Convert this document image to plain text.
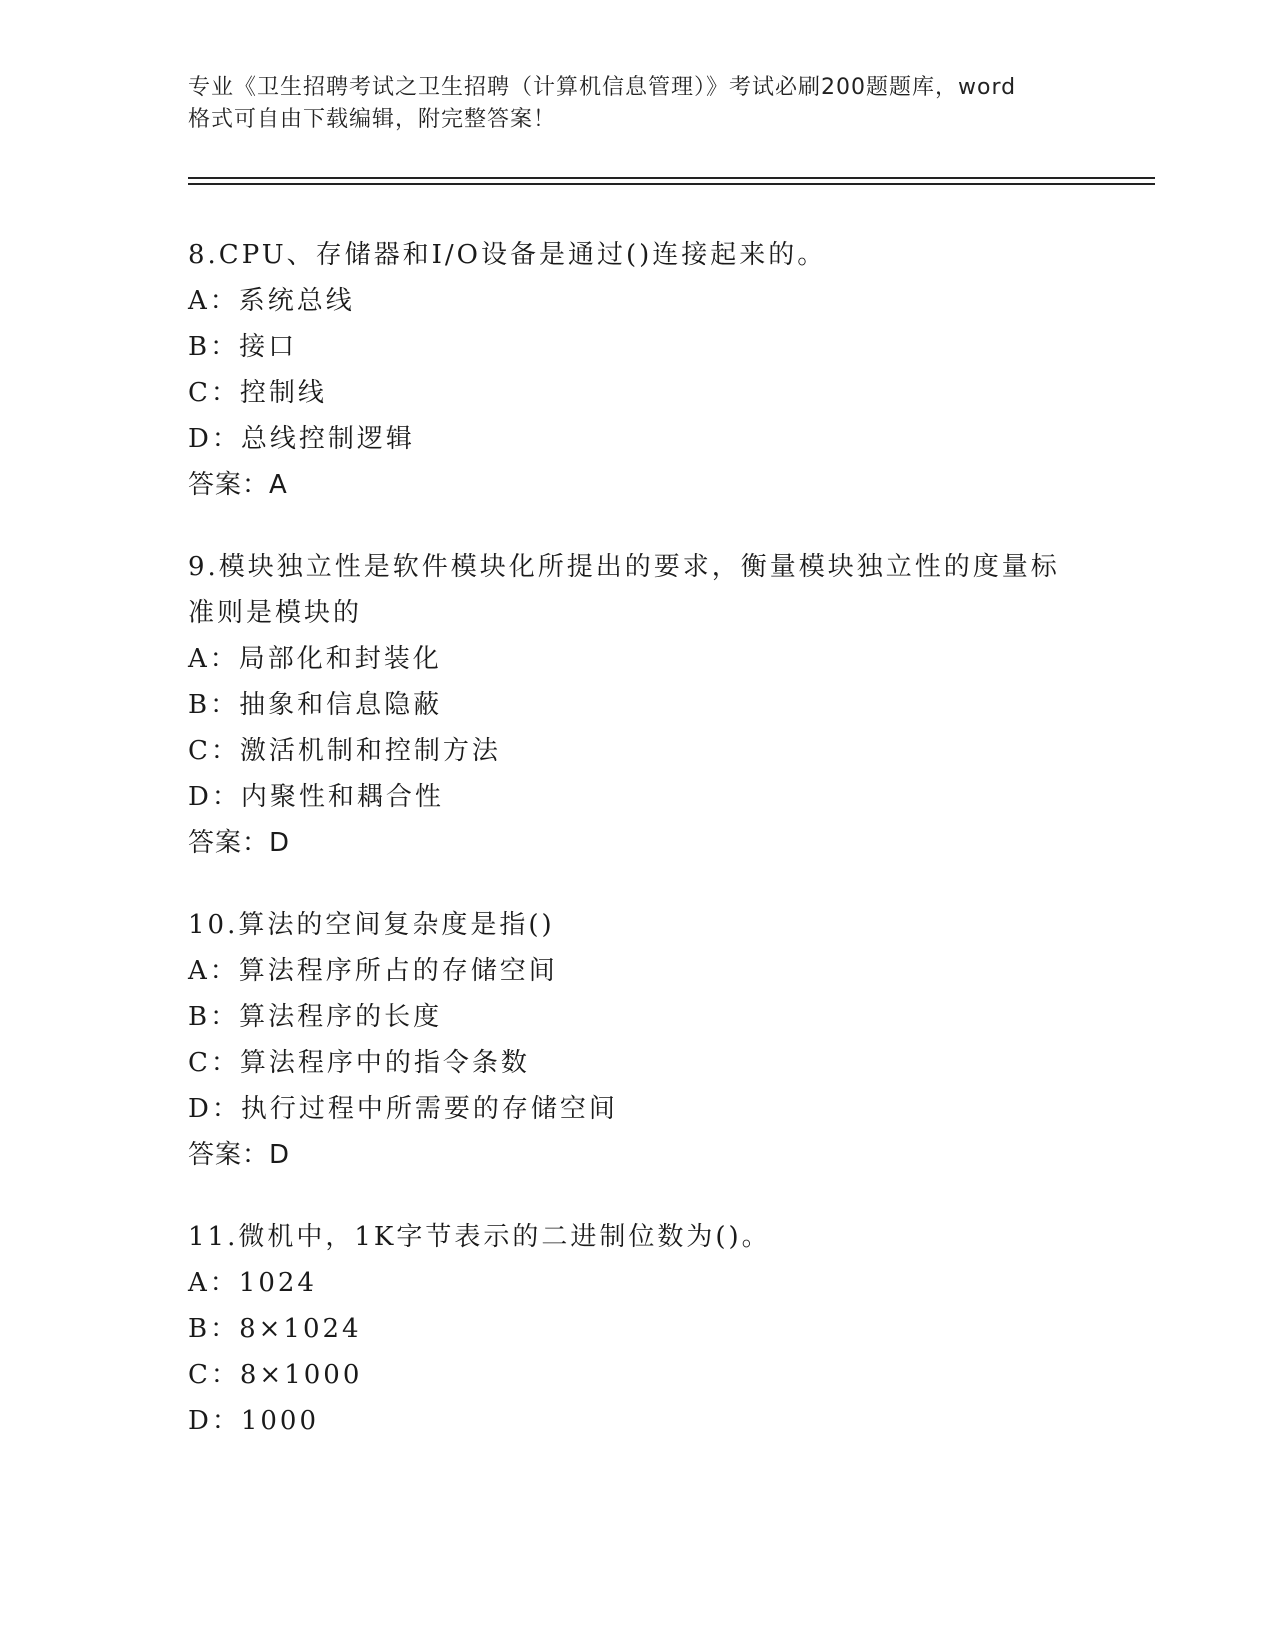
专业《卫生招聘考试之卫生招聘（计算机信息管理）》考试必刷200题题库，word
格式可自由下载编辑，附完整答案！
8.CPU、存储器和I/O设备是通过()连接起来的。
A：系统总线
B：接口
C：控制线
D：总线控制逻辑
答案：A
9.模块独立性是软件模块化所提出的要求，衡量模块独立性的度量标
准则是模块的
A：局部化和封装化
B：抽象和信息隐蔽
C：激活机制和控制方法
D：内聚性和耦合性
答案：D
10.算法的空间复杂度是指()
A：算法程序所占的存储空间
B：算法程序的长度
C：算法程序中的指令条数
D：执行过程中所需要的存储空间
答案：D
11.微机中，1K字节表示的二进制位数为()。
A：1024
B：8×1024
C：8×1000
D：1000
